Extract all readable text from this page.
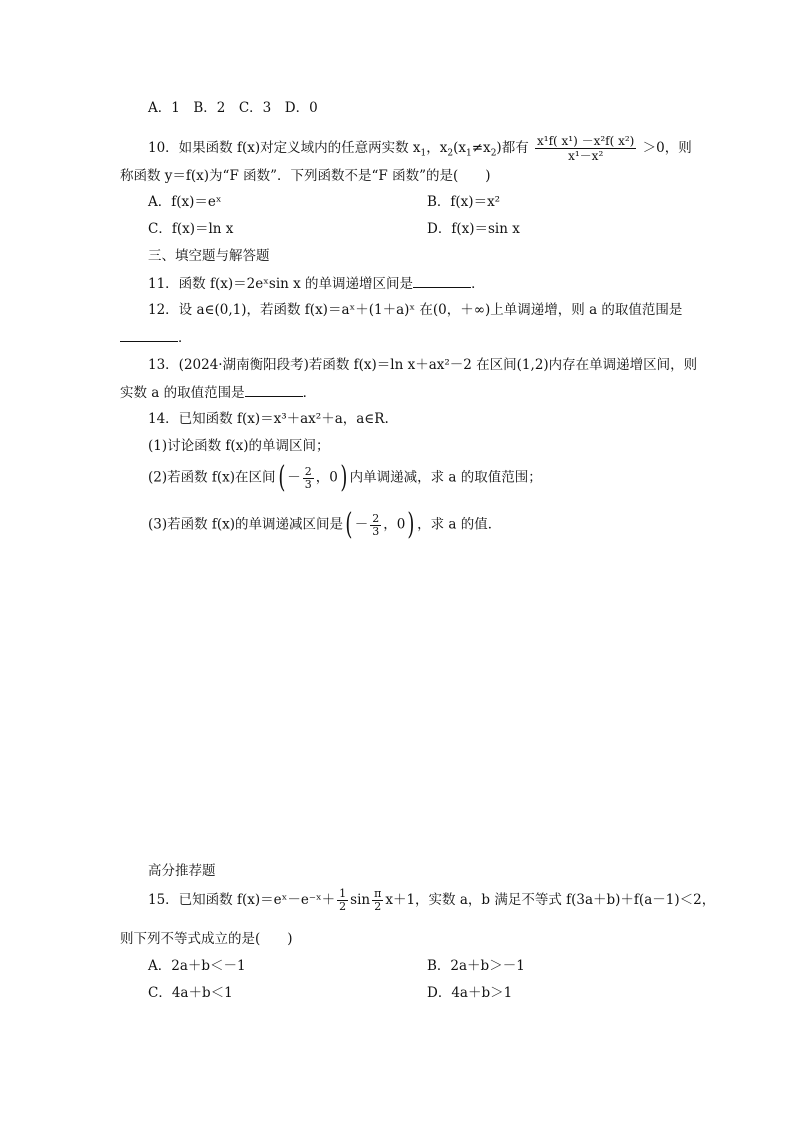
A．1　B．2　C．3　D．0
10．如果函数 f(x)对定义域内的任意两实数 $x_1$，$x_2(x_1\ne x_2)$都有 $\frac{\text{x¹f( x¹) －x²f( x²)}}{\text{x¹－x²}} >0$，则
称函数 y＝f(x)为“F 函数”．下列函数不是“F 函数”的是(　　)
A．f(x)＝eˣ	B．f(x)＝x²
C．f(x)＝ln x	D．f(x)＝sin x
三、填空题与解答题
11．函数 f(x)＝2eˣsin x 的单调递增区间是	．
12．设 a∈(0,1)，若函数 f(x)＝aˣ＋(1＋a)ˣ 在(0，＋∞)上单调递增，则 a 的取值范围是
．
13．(2024·湖南衡阳段考)若函数 f(x)＝ln x＋ax²－2 在区间(1,2)内存在单调递增区间，则
实数 a 的取值范围是	．
14．已知函数 f(x)＝x³＋ax²＋a，a∈R.
(1)讨论函数 f(x)的单调区间；
(2)若函数 f(x)在区间( － $\frac{2}{3}$ ，0) 内单调递减，求 a 的取值范围；
(3)若函数 f(x)的单调递减区间是( － $\frac{2}{3}$ ，0) ，求 a 的值．
高分推荐题
15．已知函数 f(x)＝eˣ－e⁻ˣ＋ $\frac{1}{2}$ $\sin \frac{\pi}{2} x+1$，实数 a，b 满足不等式 f(3a＋b)＋f(a－1)＜2，
则下列不等式成立的是(　　)
A．2a＋b＜－1	B．2a＋b＞－1
C．4a＋b＜1	D．4a＋b＞1
